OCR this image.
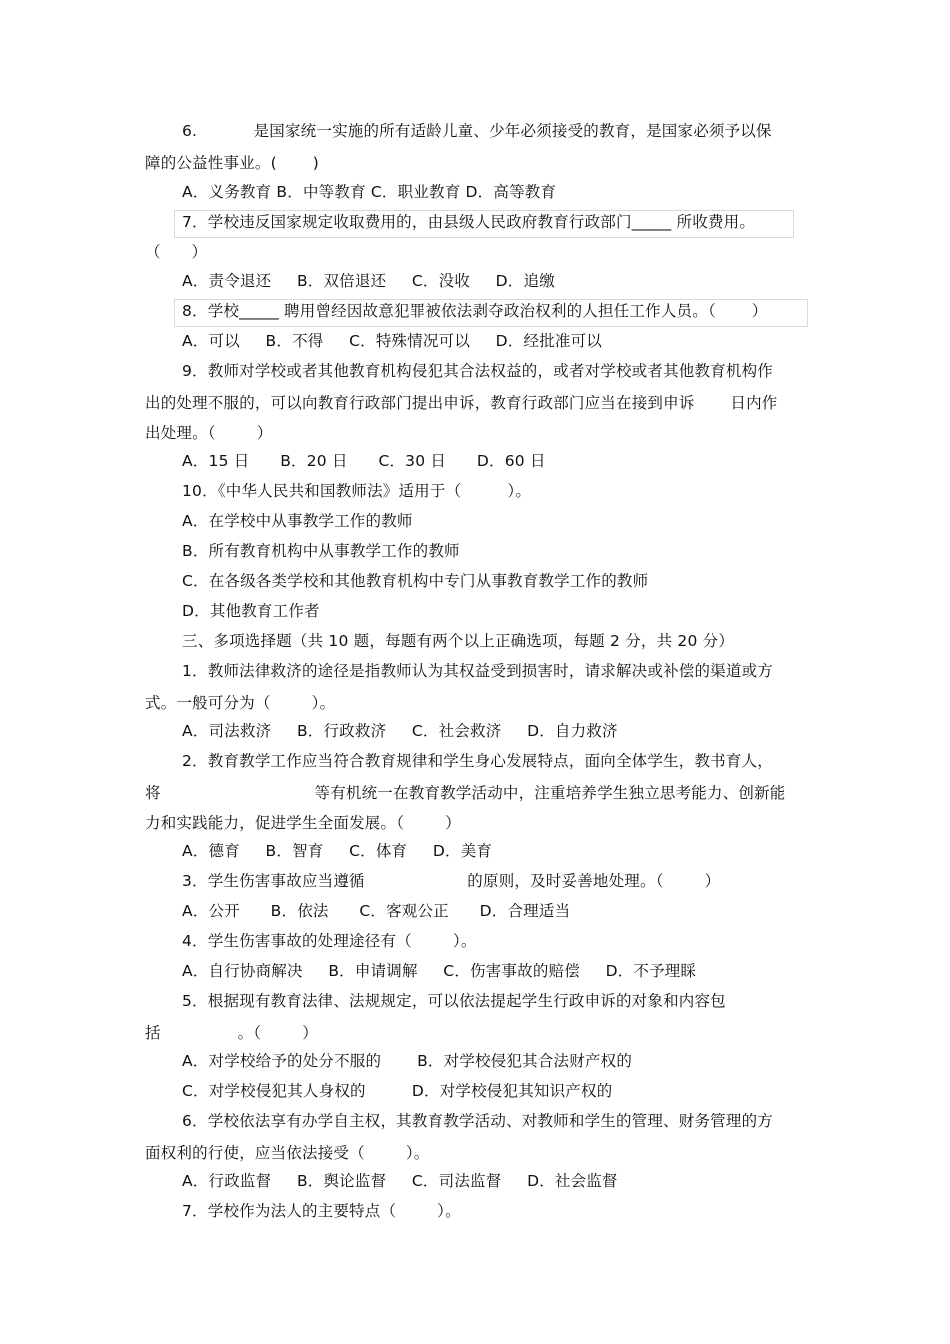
6.           是国家统一实施的所有适龄儿童、少年必须接受的教育，是国家必须予以保
障的公益性事业。(       )
A．义务教育 B．中等教育 C．职业教育 D．高等教育
7．学校违反国家规定收取费用的，由县级人民政府教育行政部门_____ 所收费用。
（      ）
A．责令退还     B．双倍退还     C．没收     D．追缴
8．学校_____ 聘用曾经因故意犯罪被依法剥夺政治权利的人担任工作人员。（       ）
A．可以     B．不得     C．特殊情况可以     D．经批准可以
9．教师对学校或者其他教育机构侵犯其合法权益的，或者对学校或者其他教育机构作
出的处理不服的，可以向教育行政部门提出申诉，教育行政部门应当在接到申诉       日内作
出处理。（        ）
A．15 日      B．20 日      C．30 日      D．60 日
10．《中华人民共和国教师法》适用于（         ）。
A．在学校中从事教学工作的教师
B．所有教育机构中从事教学工作的教师
C．在各级各类学校和其他教育机构中专门从事教育教学工作的教师
D．其他教育工作者
三、多项选择题（共 10 题，每题有两个以上正确选项，每题 2 分，共 20 分）
1．教师法律救济的途径是指教师认为其权益受到损害时，请求解决或补偿的渠道或方
式。一般可分为（        ）。
A．司法救济     B．行政救济     C．社会救济     D．自力救济
2．教育教学工作应当符合教育规律和学生身心发展特点，面向全体学生，教书育人，
将                              等有机统一在教育教学活动中，注重培养学生独立思考能力、创新能
力和实践能力，促进学生全面发展。（        ）
A．德育     B．智育     C．体育     D．美育
3．学生伤害事故应当遵循                    的原则，及时妥善地处理。（        ）
A．公开      B．依法      C．客观公正      D．合理适当
4．学生伤害事故的处理途径有（        ）。
A．自行协商解决     B．申请调解     C．伤害事故的赔偿     D．不予理睬
5．根据现有教育法律、法规规定，可以依法提起学生行政申诉的对象和内容包
括               。（        ）
A．对学校给予的处分不服的       B．对学校侵犯其合法财产权的
C．对学校侵犯其人身权的         D．对学校侵犯其知识产权的
6．学校依法享有办学自主权，其教育教学活动、对教师和学生的管理、财务管理的方
面权利的行使，应当依法接受（        ）。
A．行政监督     B．舆论监督     C．司法监督     D．社会监督
7．学校作为法人的主要特点（        ）。
